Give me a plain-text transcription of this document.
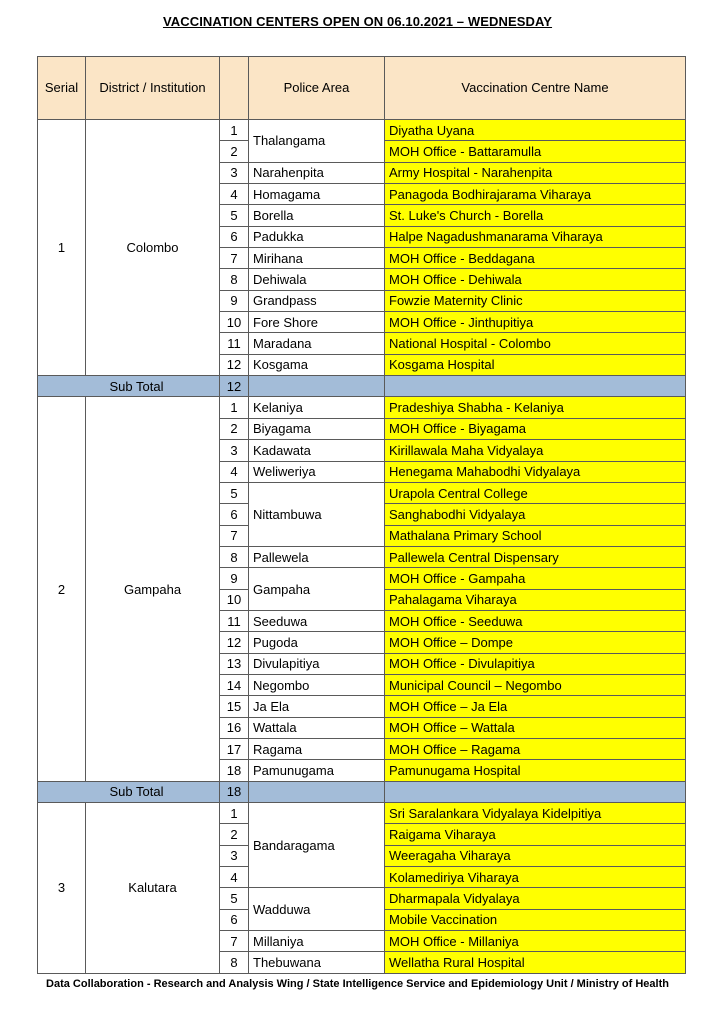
VACCINATION CENTERS OPEN ON 06.10.2021 – WEDNESDAY
Serial	District / Institution		Police Area	Vaccination Centre Name
1	Colombo	1	Thalangama	Diyatha Uyana
		2		MOH Office - Battaramulla
		3	Narahenpita	Army Hospital - Narahenpita
		4	Homagama	Panagoda Bodhirajarama Viharaya
		5	Borella	St. Luke's Church - Borella
		6	Padukka	Halpe Nagadushmanarama Viharaya
		7	Mirihana	MOH Office - Beddagana
		8	Dehiwala	MOH Office - Dehiwala
		9	Grandpass	Fowzie Maternity Clinic
		10	Fore Shore	MOH Office - Jinthupitiya
		11	Maradana	National Hospital - Colombo
		12	Kosgama	Kosgama Hospital
Sub Total		12		
2	Gampaha	1	Kelaniya	Pradeshiya Shabha - Kelaniya
		2	Biyagama	MOH Office - Biyagama
		3	Kadawata	Kirillawala Maha Vidyalaya
		4	Weliweriya	Henegama Mahabodhi Vidyalaya
		5	Nittambuwa	Urapola Central College
		6		Sanghabodhi Vidyalaya
		7		Mathalana Primary School
		8	Pallewela	Pallewela Central Dispensary
		9	Gampaha	MOH Office - Gampaha
		10		Pahalagama Viharaya
		11	Seeduwa	MOH Office - Seeduwa
		12	Pugoda	MOH Office – Dompe
		13	Divulapitiya	MOH Office - Divulapitiya
		14	Negombo	Municipal Council – Negombo
		15	Ja Ela	MOH Office – Ja Ela
		16	Wattala	MOH Office – Wattala
		17	Ragama	MOH Office – Ragama
		18	Pamunugama	Pamunugama Hospital
Sub Total		18		
3	Kalutara	1	Bandaragama	Sri Saralankara Vidyalaya Kidelpitiya
		2		Raigama Viharaya
		3		Weeragaha Viharaya
		4		Kolamediriya Viharaya
		5	Wadduwa	Dharmapala Vidyalaya
		6		Mobile Vaccination
		7	Millaniya	MOH Office - Millaniya
		8	Thebuwana	Wellatha Rural Hospital
Data Collaboration - Research and Analysis Wing / State Intelligence Service and Epidemiology Unit / Ministry of Health
